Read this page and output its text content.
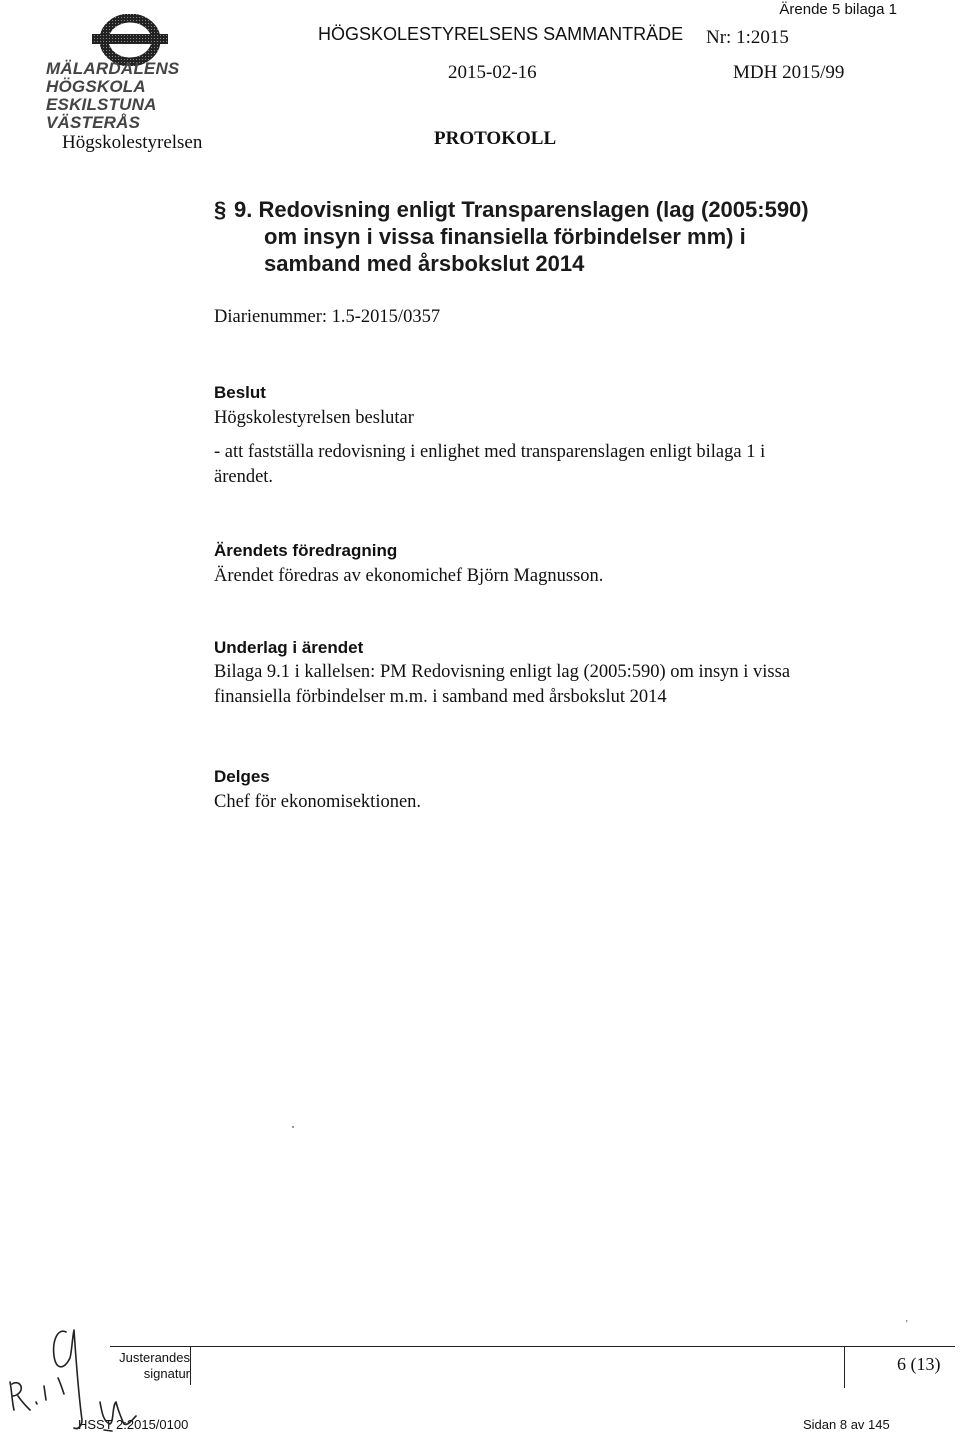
MÄLARDALENS HÖGSKOLA
ESKILSTUNA VÄSTERÅS
Högskolestyrelsen
HÖGSKOLESTYRELSENS SAMMANTRÄDE
2015-02-16
PROTOKOLL
Ärende 5 bilaga 1
Nr: 1:2015
MDH 2015/99
§ 9. Redovisning enligt Transparenslagen (lag (2005:590)
om insyn i vissa finansiella förbindelser mm) i
samband med årsbokslut 2014
Diarienummer: 1.5-2015/0357
Beslut
Högskolestyrelsen beslutar
- att fastställa redovisning i enlighet med transparenslagen enligt bilaga 1 i
ärendet.
Ärendets föredragning
Ärendet föredras av ekonomichef Björn Magnusson.
Underlag i ärendet
Bilaga 9.1 i kallelsen: PM Redovisning enligt lag (2005:590) om insyn i vissa
finansiella förbindelser m.m. i samband med årsbokslut 2014
Delges
Chef för ekonomisektionen.
ʼ
Justerandes
signatur	6 (13)
HSST 2:2015/0100	Sidan 8 av 145
